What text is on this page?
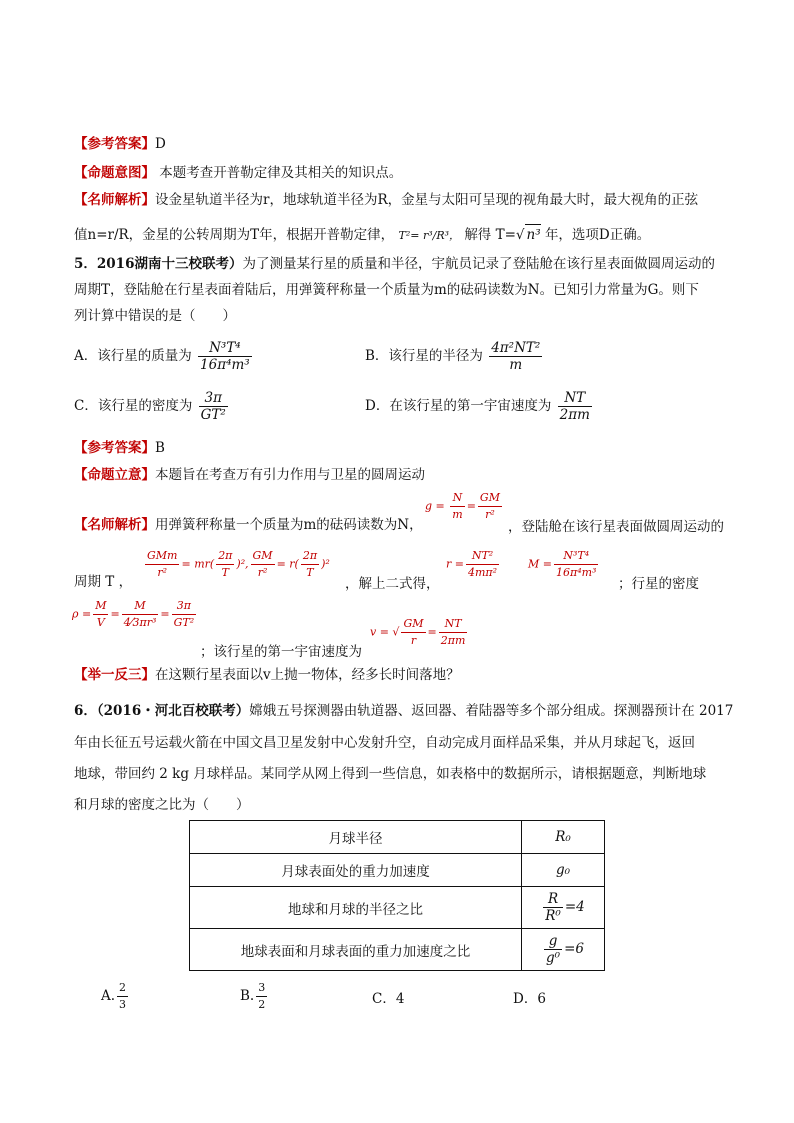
【参考答案】D
【命题意图】 本题考查开普勒定律及其相关的知识点。
【名师解析】设金星轨道半径为r，地球轨道半径为R，金星与太阳可呈现的视角最大时，最大视角的正弦
值n=r/R，金星的公转周期为T年，根据开普勒定律， T²= r³/R³， 解得 T=√ n³ 年，选项D正确。
5．2016湖南十三校联考）为了测量某行星的质量和半径，宇航员记录了登陆舱在该行星表面做圆周运动的
周期T，登陆舱在行星表面着陆后，用弹簧秤称量一个质量为m的砝码读数为N。已知引力常量为G。则下
列计算中错误的是（　　）
A．该行星的质量为 $\frac{\text{N³T⁴}}{\text{16π⁴m³}}$	B．该行星的半径为 $\frac{\text{4π²NT²}}{m}$
C．该行星的密度为 $\frac{3\pi}{\text{GT²}}$	D．在该行星的第一宇宙速度为 $\frac{NT}{2\pi m}$
【参考答案】B
【命题立意】本题旨在考查万有引力作用与卫星的圆周运动
【名师解析】用弹簧秤称量一个质量为m的砝码读数为N，
$g = \frac{N}{m} = \frac{GM}{\text{r²}}$
，登陆舱在该行星表面做圆周运动的
周期 T ，
$\frac{\text{GMm}}{\text{r²}} = mr( \frac{2\pi}{T} )^2$ , $\frac{GM}{\text{r²}} = r( \frac{2\pi}{T} )^2$
，解上二式得，
$r = \frac{\text{NT²}}{\text{4mπ²}}$	$M = \frac{\text{N³T⁴}}{\text{16π⁴m³}}$
；行星的密度
$\rho = \frac{M}{V} = \frac{M}{\text{4⁄3πr³}} = \frac{3\pi}{\text{GT²}}$
；该行星的第一宇宙速度为
v = √ $\frac{GM}{r} = \frac{NT}{2\pi m}$
【举一反三】在这颗行星表面以v上抛一物体，经多长时间落地？
6．（2016・河北百校联考）嫦娥五号探测器由轨道器、返回器、着陆器等多个部分组成。探测器预计在 2017
年由长征五号运载火箭在中国文昌卫星发射中心发射升空，自动完成月面样品采集，并从月球起飞，返回
地球，带回约 2 kg 月球样品。某同学从网上得到一些信息，如表格中的数据所示，请根据题意，判断地球
和月球的密度之比为（　　）
月球半径	R₀
月球表面处的重力加速度	g₀
地球和月球的半径之比	$\frac{R}{\text{R⁰}} =4$
地球表面和月球表面的重力加速度之比	$\frac{g}{\text{g⁰}} =6$
A. $\frac{2}{3}$	B. $\frac{3}{2}$	C．4	D．6
